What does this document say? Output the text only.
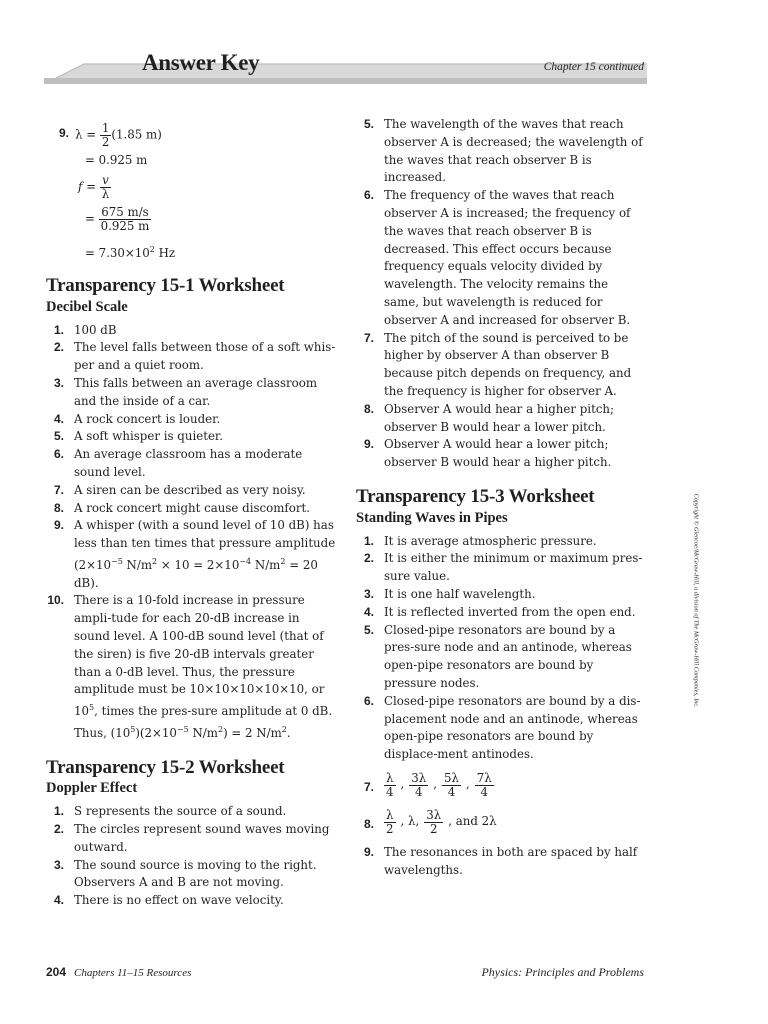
Answer Key	Chapter 15 continued
9. $\lambda = \frac{1}{2} (1.85$ m)
= 0.925 m
$f = \frac{v}{\lambda}$
= $\frac{675 m/s}{0.925 m}$
= $7.30\times 10^2$ Hz
Transparency 15-1 Worksheet
Decibel Scale
1. 100 dB
2. The level falls between those of a soft whis-per and a quiet room.
3. This falls between an average classroom and the inside of a car.
4. A rock concert is louder.
5. A soft whisper is quieter.
6. An average classroom has a moderate sound level.
7. A siren can be described as very noisy.
8. A rock concert might cause discomfort.
9. A whisper (with a sound level of 10 dB) has less than ten times that pressure amplitude ($2\times 10^{-5}$ $N/m^2 \times 10 = 2\times 10^{-4}$ $N/m^2 = 20$ dB).
10. There is a 10-fold increase in pressure ampli-tude for each 20-dB increase in sound level. A 100-dB sound level (that of the siren) is five 20-dB intervals greater than a 0-dB level. Thus, the pressure amplitude must be 10×10×10×10×10, or $10^5$, times the pres-sure amplitude at 0 dB. Thus, $(10^5)(2\times 10^{-5}$ $N/m^2) = 2$ $N/m^2$.
Transparency 15-2 Worksheet
Doppler Effect
1. S represents the source of a sound.
2. The circles represent sound waves moving outward.
3. The sound source is moving to the right. Observers A and B are not moving.
4. There is no effect on wave velocity.
5. The wavelength of the waves that reach observer A is decreased; the wavelength of the waves that reach observer B is increased.
6. The frequency of the waves that reach observer A is increased; the frequency of the waves that reach observer B is decreased. This effect occurs because frequency equals velocity divided by wavelength. The velocity remains the same, but wavelength is reduced for observer A and increased for observer B.
7. The pitch of the sound is perceived to be higher by observer A than observer B because pitch depends on frequency, and the frequency is higher for observer A.
8. Observer A would hear a higher pitch; observer B would hear a lower pitch.
9. Observer A would hear a lower pitch; observer B would hear a higher pitch.
Transparency 15-3 Worksheet
Standing Waves in Pipes
1. It is average atmospheric pressure.
2. It is either the minimum or maximum pres-sure value.
3. It is one half wavelength.
4. It is reflected inverted from the open end.
5. Closed-pipe resonators are bound by a pres-sure node and an antinode, whereas open-pipe resonators are bound by pressure nodes.
6. Closed-pipe resonators are bound by a dis-placement node and an antinode, whereas open-pipe resonators are bound by displace-ment antinodes.
7. $\frac{\lambda}{4}$ , $\frac{3\lambda}{4}$ , $\frac{5\lambda}{4}$ , $\frac{7\lambda}{4}$
8. $\frac{\lambda}{2}$ , λ, $\frac{3\lambda}{2}$ , and 2λ
9. The resonances in both are spaced by half wavelengths.
Copyright © Glencoe/McGraw-Hill, a division of The McGraw-Hill Companies, Inc.
204 Chapters 11–15 Resources	Physics: Principles and Problems
